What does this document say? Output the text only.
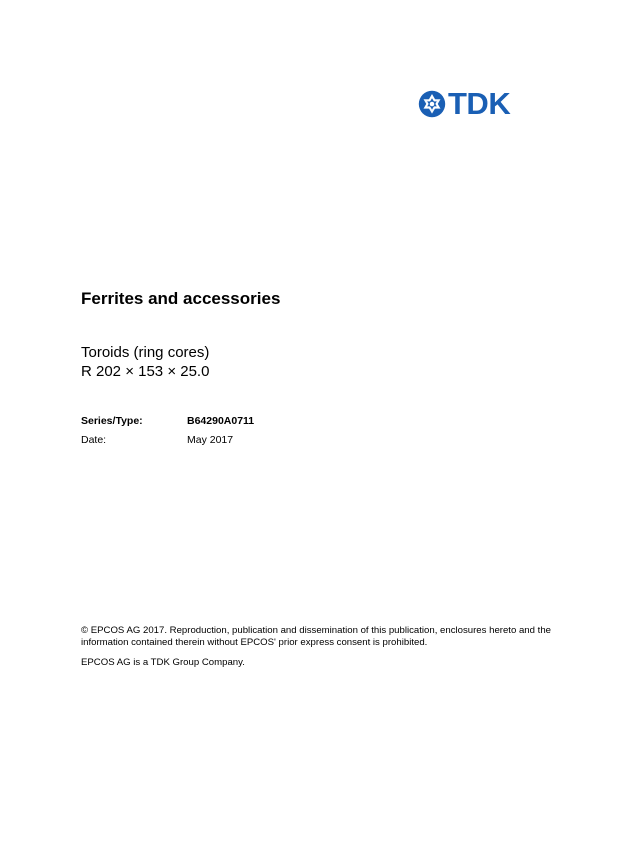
TDK
Ferrites and accessories
Toroids (ring cores)
R 202 × 153 × 25.0
Series/Type:	B64290A0711
Date:	May 2017
© EPCOS AG 2017. Reproduction, publication and dissemination of this publication, enclosures hereto and the information contained therein without EPCOS' prior express consent is prohibited.
EPCOS AG is a TDK Group Company.
